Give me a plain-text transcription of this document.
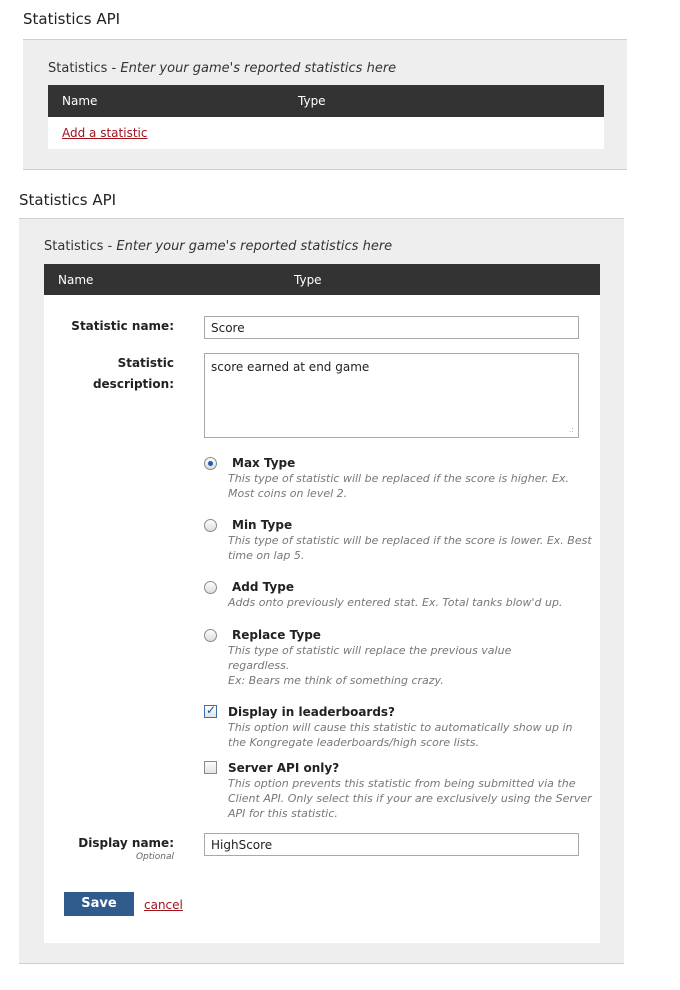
Statistics API
Statistics - Enter your game's reported statistics here
Name	Type
Add a statistic
Statistics API
Statistics - Enter your game's reported statistics here
Name	Type
Statistic name:	Score
Statistic
description:
score earned at end game
.:
Max Type
This type of statistic will be replaced if the score is higher. Ex. Most coins on level 2.
Min Type
This type of statistic will be replaced if the score is lower. Ex. Best time on lap 5.
Add Type
Adds onto previously entered stat. Ex. Total tanks blow'd up.
Replace Type
This type of statistic will replace the previous value regardless.
Ex: Bears me think of something crazy.
✓
Display in leaderboards?
This option will cause this statistic to automatically show up in the Kongregate leaderboards/high score lists.
Server API only?
This option prevents this statistic from being submitted via the Client API. Only select this if your are exclusively using the Server API for this statistic.
Display name:
Optional
HighScore
Save	cancel
